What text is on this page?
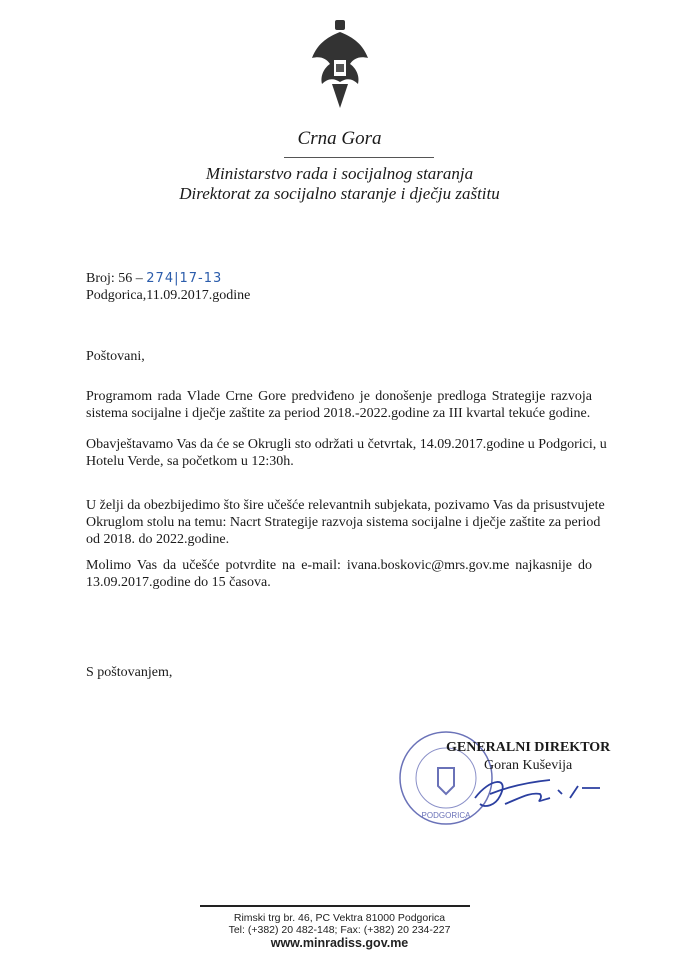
Crna Gora
Ministarstvo rada i socijalnog staranja
Direktorat za socijalno staranje i dječju zaštitu
Broj: 56 – 274|17-13
Podgorica,11.09.2017.godine
Poštovani,
Programom rada Vlade Crne Gore predviđeno je donošenje predloga Strategije razvoja
sistema socijalne i dječje zaštite za period 2018.-2022.godine za III kvartal tekuće godine.
Obavještavamo Vas da će se Okrugli sto održati u četvrtak, 14.09.2017.godine u Podgorici, u
Hotelu Verde, sa početkom u 12:30h.
U želji da obezbijedimo što šire učešće relevantnih subjekata, pozivamo Vas da prisustvujete
Okruglom stolu na temu: Nacrt Strategije razvoja sistema socijalne i dječje zaštite za period
od 2018. do 2022.godine.
Molimo Vas da učešće potvrdite na e-mail: ivana.boskovic@mrs.gov.me najkasnije do
13.09.2017.godine do 15 časova.
S poštovanjem,
PODGORICA
GENERALNI DIREKTOR
Goran Kuševija
Rimski trg br. 46, PC Vektra 81000 Podgorica
Tel: (+382) 20 482-148; Fax: (+382) 20 234-227
www.minradiss.gov.me
